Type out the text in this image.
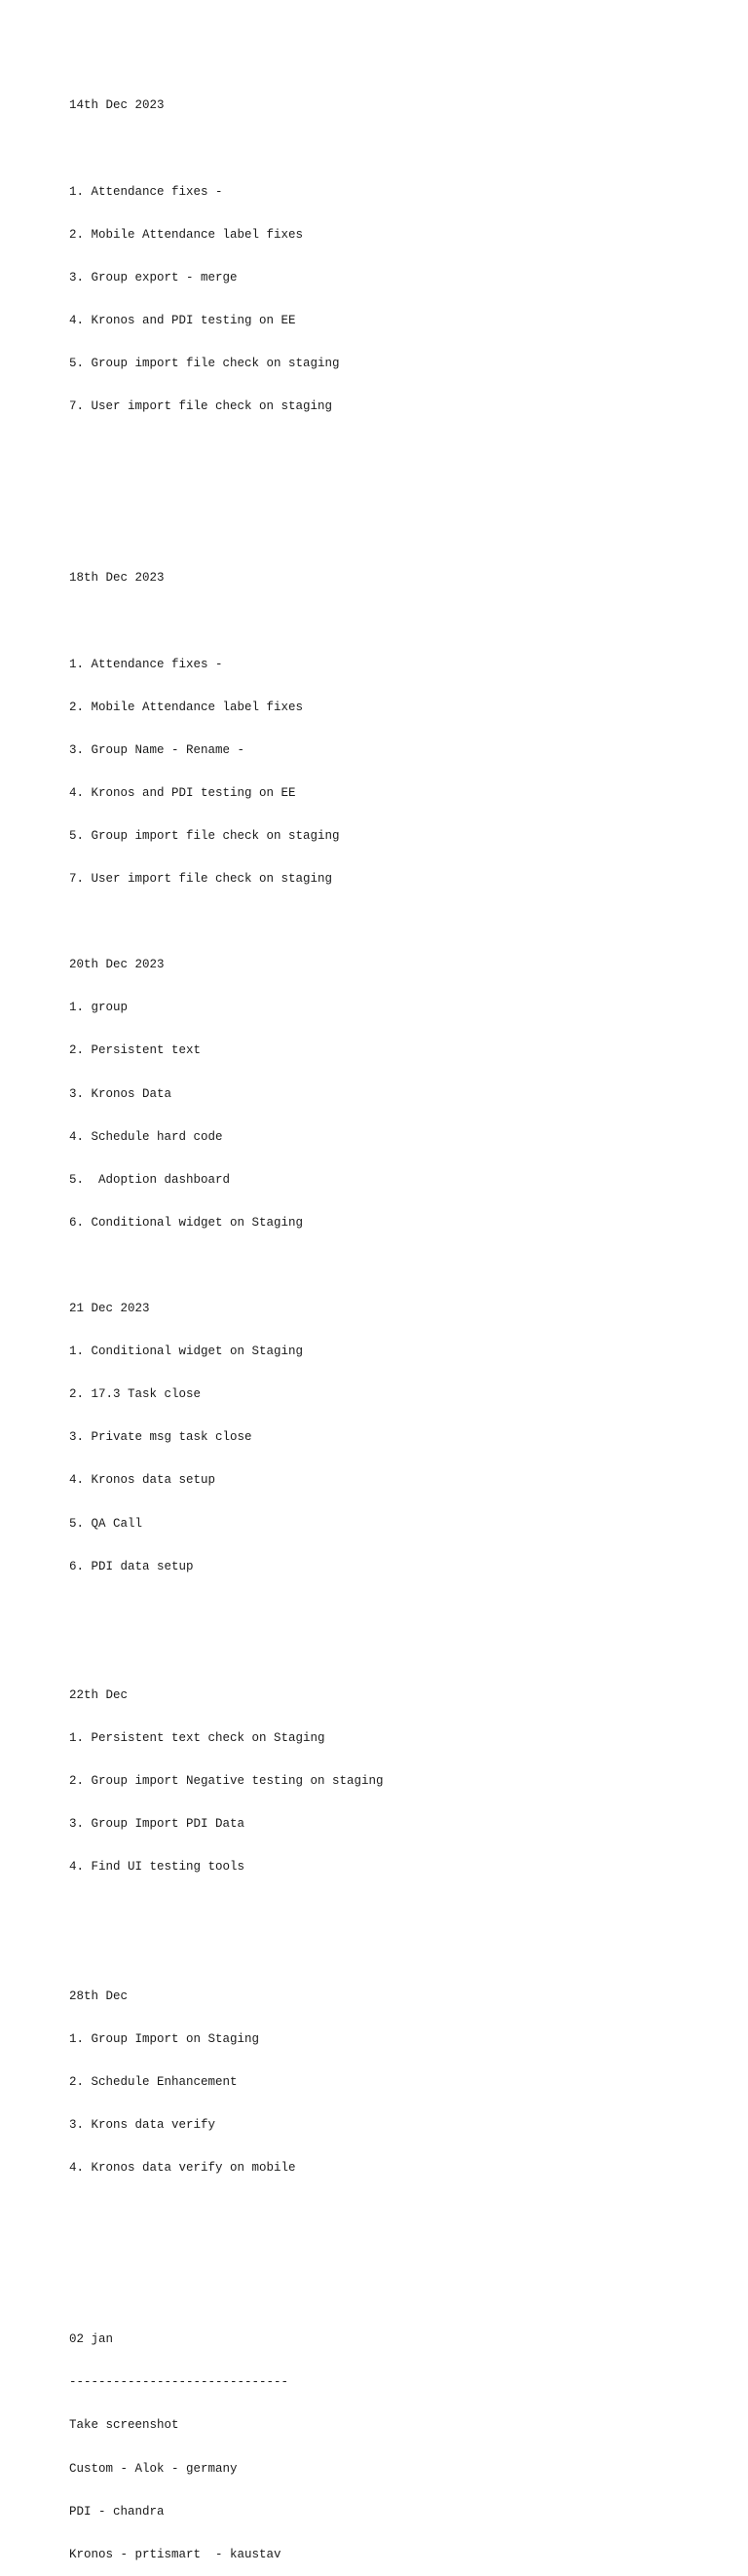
14th Dec 2023

1. Attendance fixes -

2. Mobile Attendance label fixes

3. Group export - merge

4. Kronos and PDI testing on EE

5. Group import file check on staging

7. User import file check on staging

18th Dec 2023

1. Attendance fixes -

2. Mobile Attendance label fixes

3. Group Name - Rename -

4. Kronos and PDI testing on EE

5. Group import file check on staging

7. User import file check on staging

20th Dec 2023

1. group

2. Persistent text

3. Kronos Data

4. Schedule hard code

5.  Adoption dashboard

6. Conditional widget on Staging

21 Dec 2023

1. Conditional widget on Staging

2. 17.3 Task close

3. Private msg task close

4. Kronos data setup

5. QA Call

6. PDI data setup

22th Dec

1. Persistent text check on Staging

2. Group import Negative testing on staging

3. Group Import PDI Data

4. Find UI testing tools

28th Dec

1. Group Import on Staging

2. Schedule Enhancement

3. Krons data verify

4. Kronos data verify on mobile

02 jan

------------------------------

Take screenshot

Custom - Alok - germany

PDI - chandra

Kronos - prtismart  - kaustav
